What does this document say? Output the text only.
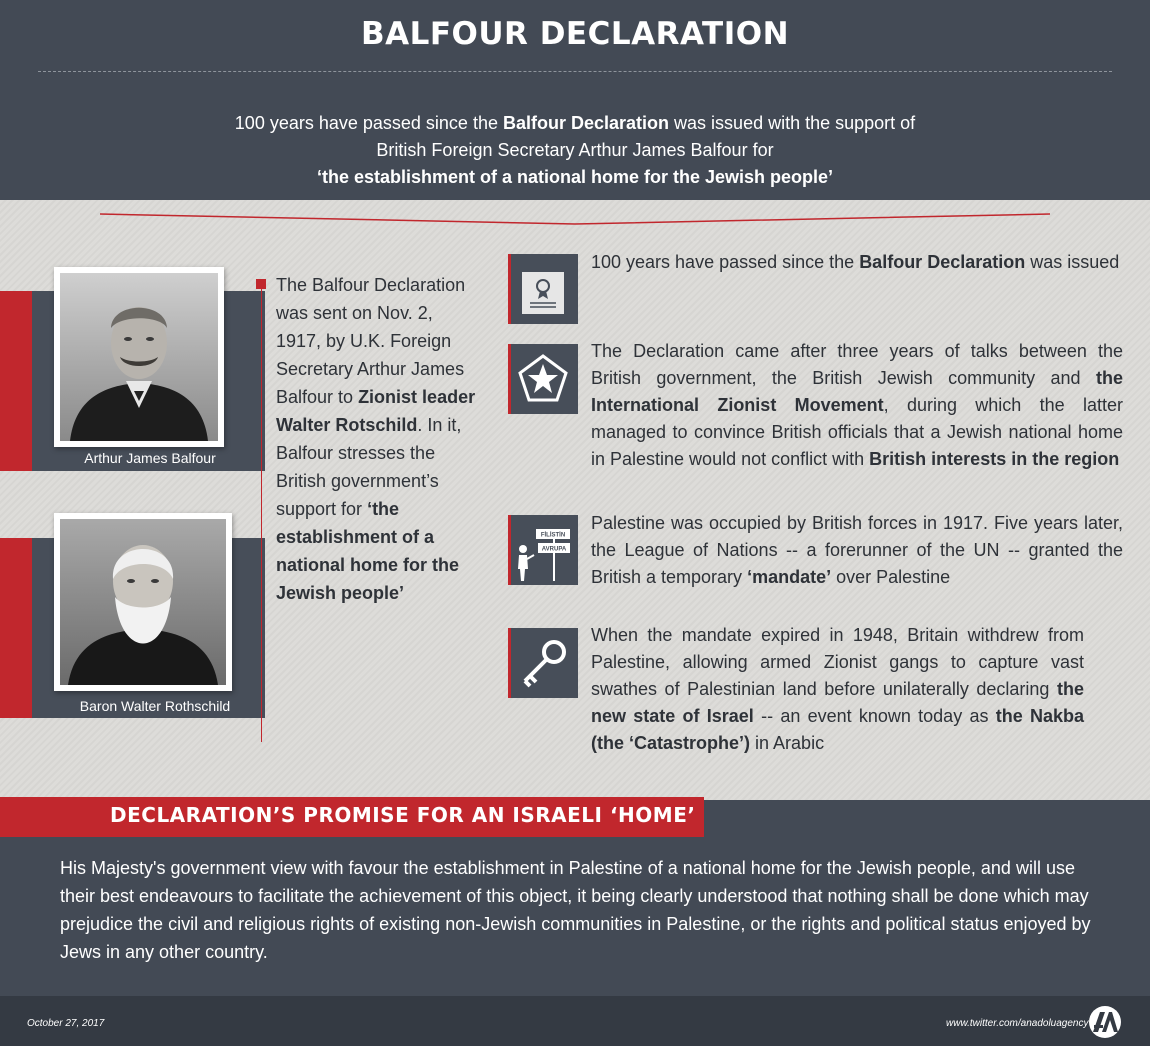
BALFOUR DECLARATION
100 years have passed since the Balfour Declaration was issued with the support of
British Foreign Secretary Arthur James Balfour for
‘the establishment of a national home for the Jewish people’
Arthur James Balfour
Baron Walter Rothschild
The Balfour Declaration was sent on Nov. 2, 1917, by U.K. Foreign Secretary Arthur James Balfour to Zionist leader Walter Rotschild. In it, Balfour stresses the British government’s support for ‘the establishment of a national home for the Jewish people’
100 years have passed since the Balfour Declaration was issued
The Declaration came after three years of talks between the British government, the British Jewish community and the International Zionist Movement, during which the latter managed to convince British officials that a Jewish national home in Palestine would not conflict with British interests in the region
FİLİSTİN
AVRUPA
Palestine was occupied by British forces in 1917. Five years later, the League of Nations -- a forerunner of the UN -- granted the British a temporary ‘mandate’ over Palestine
When the mandate expired in 1948, Britain withdrew from Palestine, allowing armed Zionist gangs to capture vast swathes of Palestinian land before unilaterally declaring the new state of Israel -- an event known today as the Nakba (the ‘Catastrophe’) in Arabic
DECLARATION’S PROMISE FOR AN ISRAELI ‘HOME’
His Majesty's government view with favour the establishment in Palestine of a national home for the Jewish people, and will use their best endeavours to facilitate the achievement of this object, it being clearly understood that nothing shall be done which may prejudice the civil and religious rights of existing non-Jewish communities in Palestine, or the rights and political status enjoyed by Jews in any other country.
October 27, 2017	www.twitter.com/anadoluagency
